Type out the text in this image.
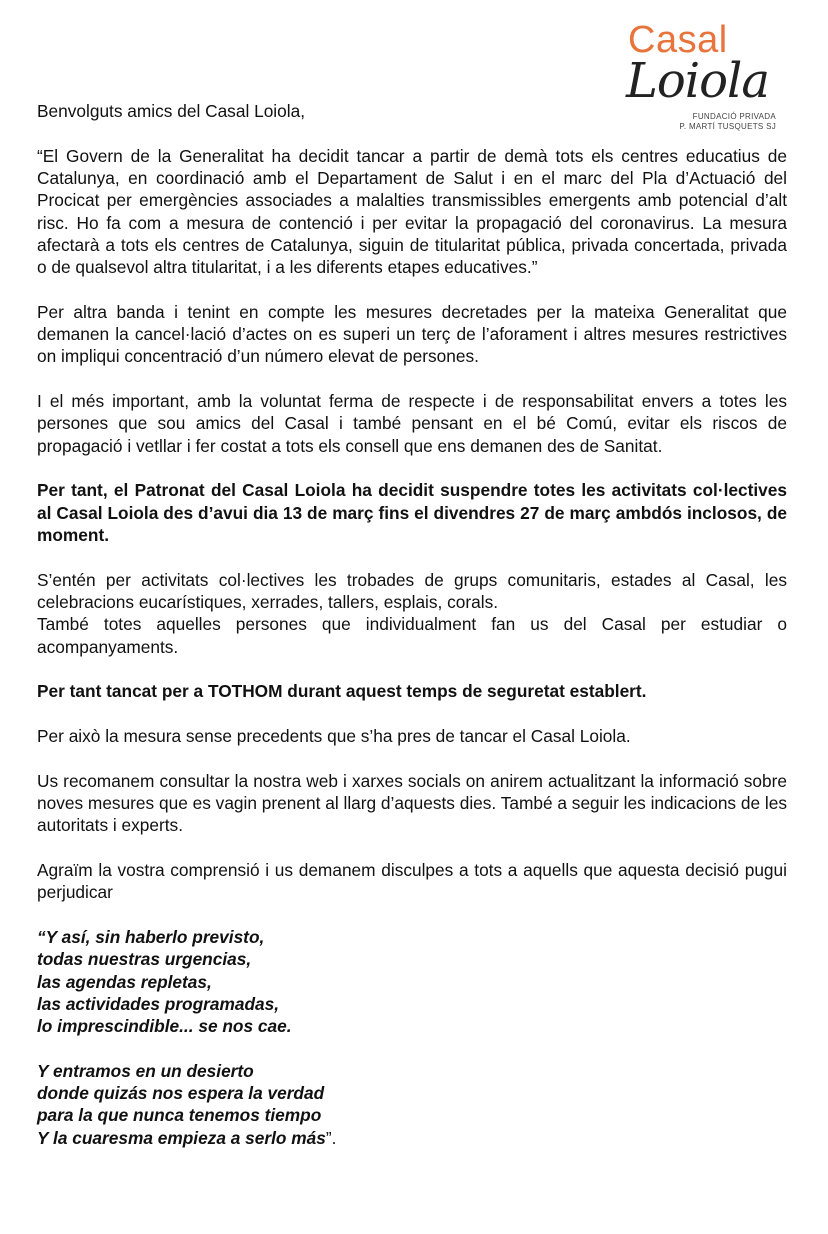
Casal
Loiola
FUNDACIÓ PRIVADA
P. MARTÍ TUSQUETS SJ

Benvolguts amics del Casal Loiola,

“El Govern de la Generalitat ha decidit tancar a partir de demà tots els centres educatius de Catalunya, en coordinació amb el Departament de Salut i en el marc del Pla d’Actuació del Procicat per emergències associades a malalties transmissibles emergents amb potencial d’alt risc. Ho fa com a mesura de contenció i per evitar la propagació del coronavirus. La mesura afectarà a tots els centres de Catalunya, siguin de titularitat pública, privada concertada, privada o de qualsevol altra titularitat, i a les diferents etapes educatives.”

Per altra banda i tenint en compte les mesures decretades per la mateixa Generalitat que demanen la cancel·lació d’actes on es superi un terç de l’aforament i altres mesures restrictives on impliqui concentració d’un número elevat de persones.

I el més important, amb la voluntat ferma de respecte i de responsabilitat envers a totes les persones que sou amics del Casal i també pensant en el bé Comú, evitar els riscos de propagació i vetllar i fer costat a tots els consell que ens demanen des de Sanitat.

Per tant, el Patronat del Casal Loiola ha decidit suspendre totes les activitats col·lectives al Casal Loiola des d’avui dia 13 de març fins el divendres 27 de març ambdós inclosos, de moment.

S’entén per activitats col·lectives les trobades de grups comunitaris, estades al Casal, les celebracions eucarístiques, xerrades, tallers, esplais, corals.

També totes aquelles persones que individualment fan us del Casal per estudiar o acompanyaments.

Per tant tancat per a TOTHOM durant aquest temps de seguretat establert.

Per això la mesura sense precedents que s’ha pres de tancar el Casal Loiola.

Us recomanem consultar la nostra web i xarxes socials on anirem actualitzant la informació sobre noves mesures que es vagin prenent al llarg d’aquests dies. També a seguir les indicacions de les autoritats i experts.

Agraïm la vostra comprensió i us demanem disculpes a tots a aquells que aquesta decisió pugui perjudicar

“Y así, sin haberlo previsto,
todas nuestras urgencias,
las agendas repletas,
las actividades programadas,
lo imprescindible... se nos cae.
Y entramos en un desierto
donde quizás nos espera la verdad
para la que nunca tenemos tiempo
Y la cuaresma empieza a serlo más”.
